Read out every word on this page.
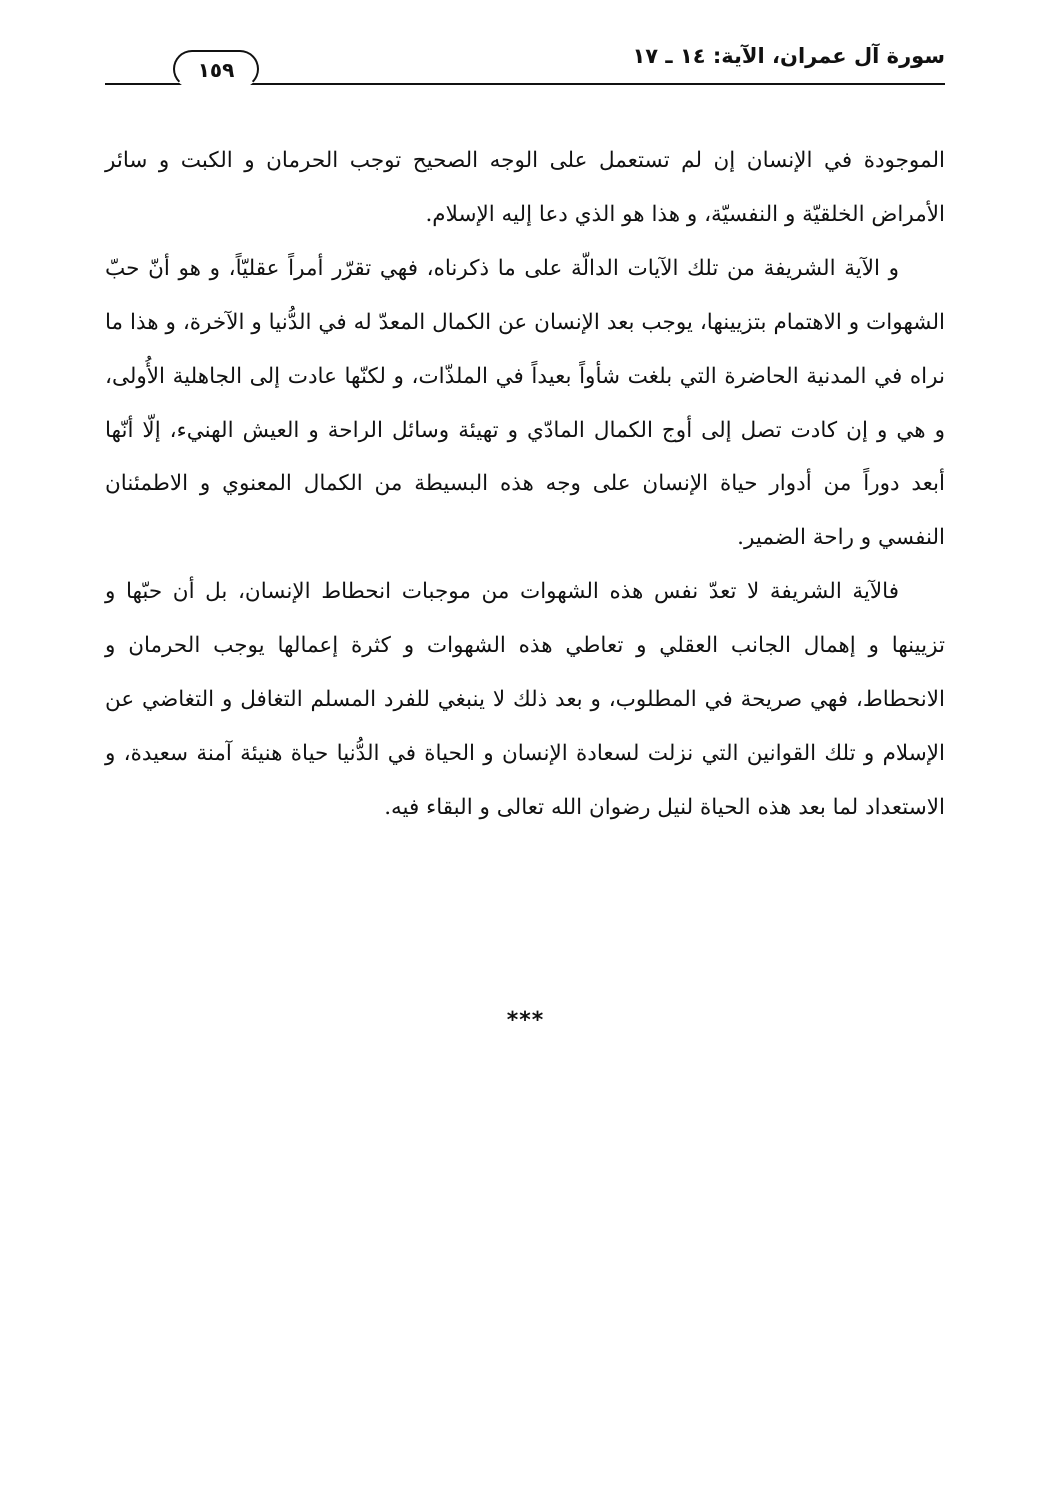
سورة آل عمران، الآية: ١٤ ـ ١٧
١٥٩

الموجودة في الإنسان إن لم تستعمل على الوجه الصحيح توجب الحرمان و الكبت و سائر الأمراض الخلقيّة و النفسيّة، و هذا هو الذي دعا إليه الإسلام.

و الآية الشريفة من تلك الآيات الدالّة على ما ذكرناه، فهي تقرّر أمراً عقليّاً، و هو أنّ حبّ الشهوات و الاهتمام بتزيينها، يوجب بعد الإنسان عن الكمال المعدّ له في الدُّنيا و الآخرة، و هذا ما نراه في المدنية الحاضرة التي بلغت شأواً بعيداً في الملذّات، و لكنّها عادت إلى الجاهلية الأُولى، و هي و إن كادت تصل إلى أوج الكمال المادّي و تهيئة وسائل الراحة و العيش الهنيء، إلّا أنّها أبعد دوراً من أدوار حياة الإنسان على وجه هذه البسيطة من الكمال المعنوي و الاطمئنان النفسي و راحة الضمير.

فالآية الشريفة لا تعدّ نفس هذه الشهوات من موجبات انحطاط الإنسان، بل أن حبّها و تزيينها و إهمال الجانب العقلي و تعاطي هذه الشهوات و كثرة إعمالها يوجب الحرمان و الانحطاط، فهي صريحة في المطلوب، و بعد ذلك لا ينبغي للفرد المسلم التغافل و التغاضي عن الإسلام و تلك القوانين التي نزلت لسعادة الإنسان و الحياة في الدُّنيا حياة هنيئة آمنة سعيدة، و الاستعداد لما بعد هذه الحياة لنيل رضوان الله تعالى و البقاء فيه.

***
